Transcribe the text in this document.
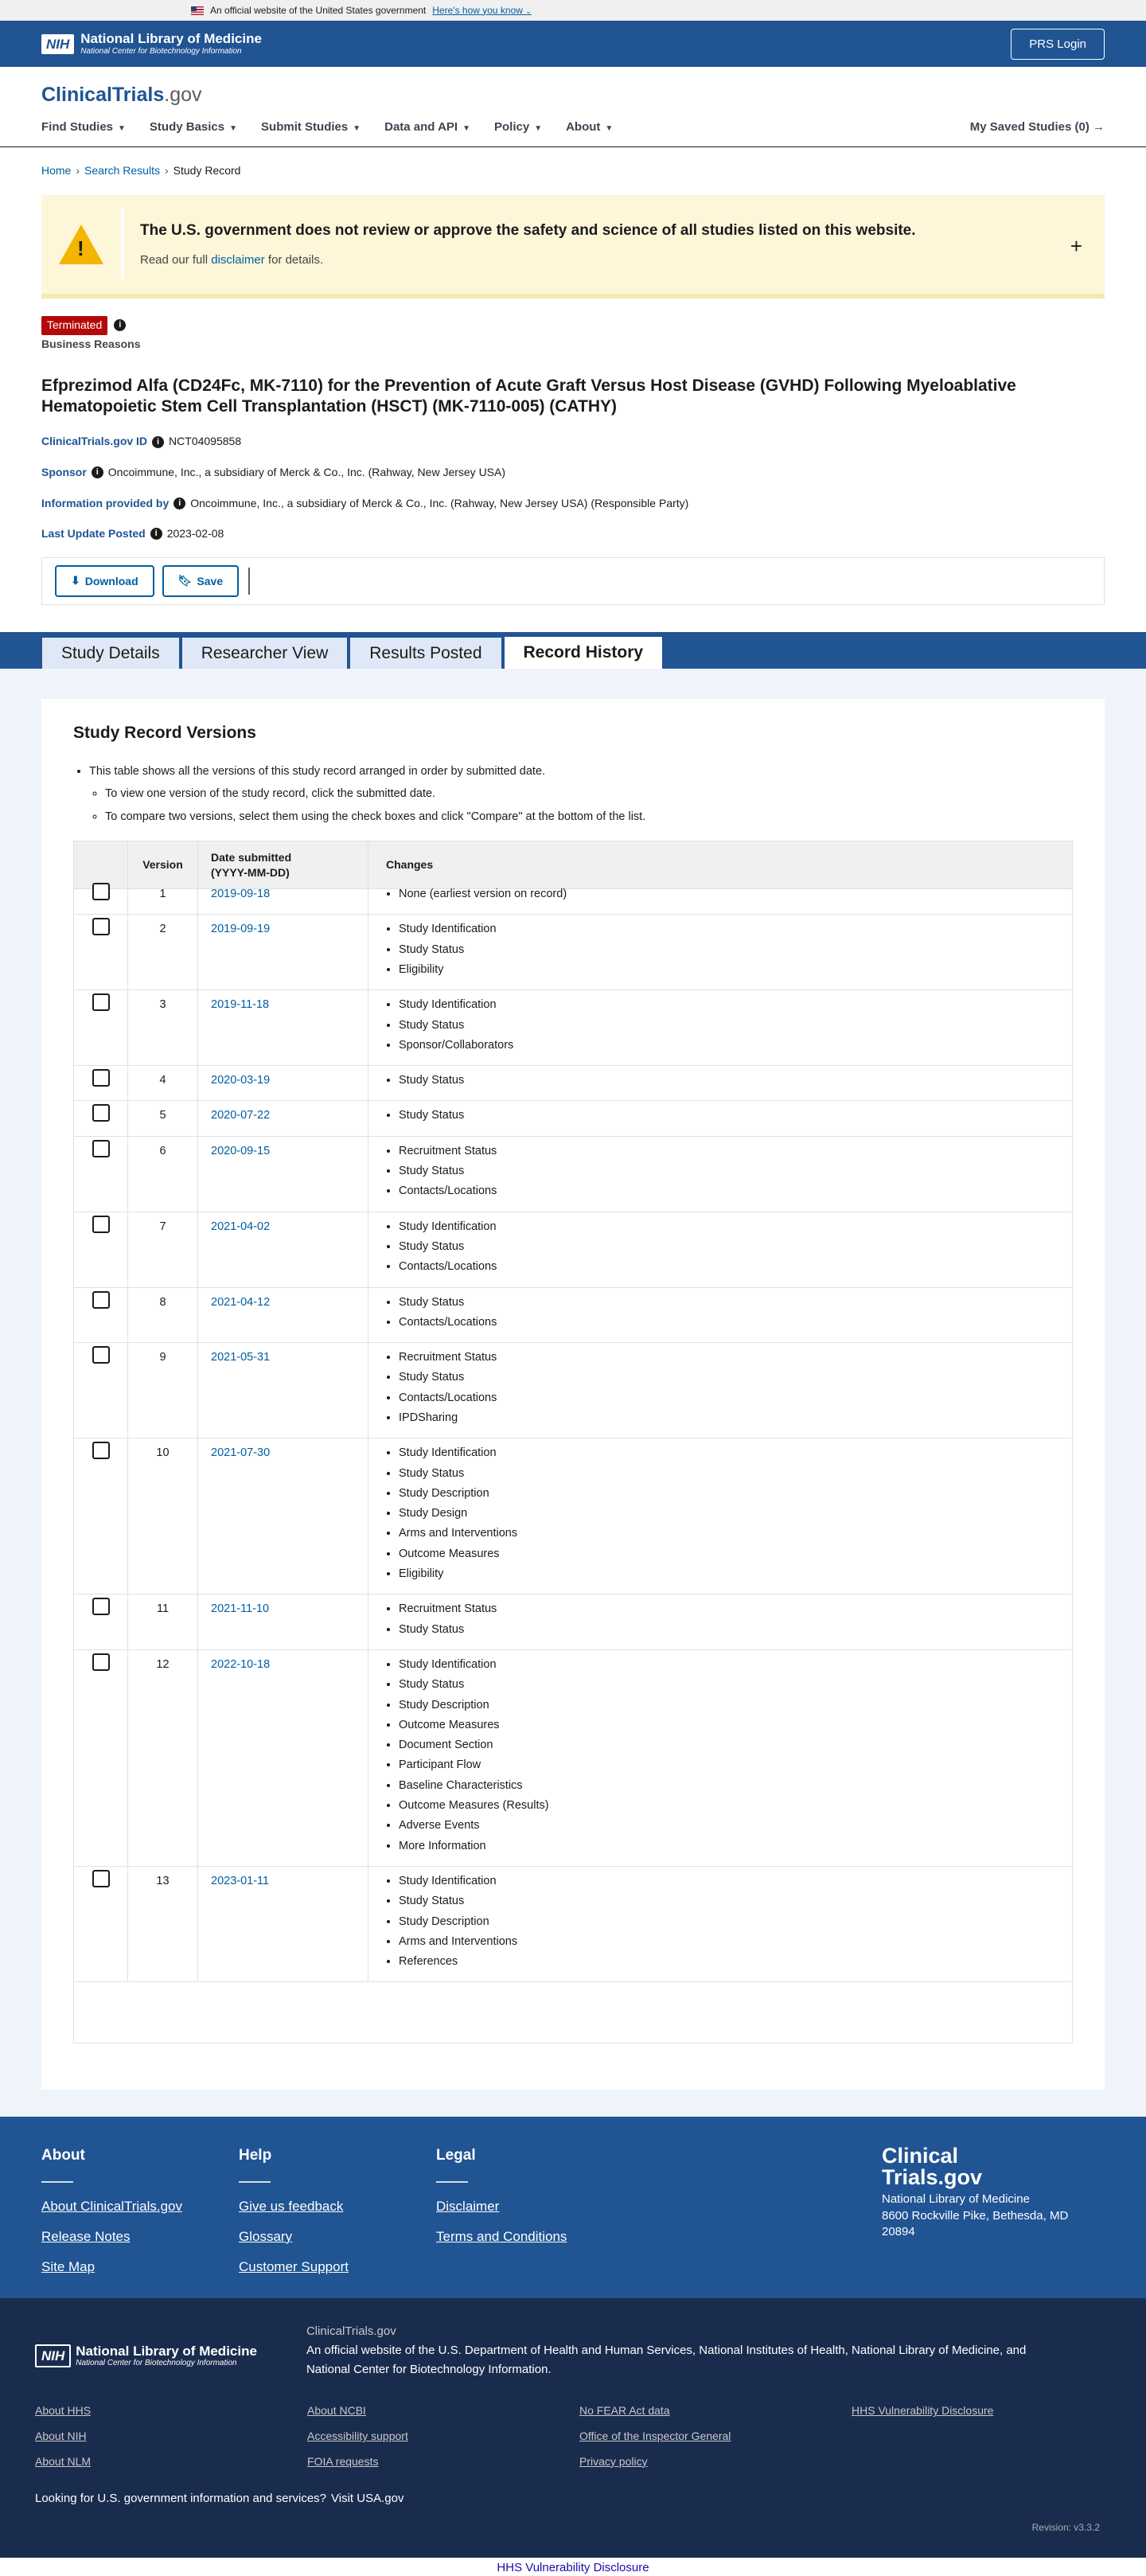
An official website of the United States government Here's how you know ⌄
NIH National Library of Medicine
National Center for Biotechnology Information
PRS Login
ClinicalTrials.gov
Find Studies ▼ Study Basics ▼ Submit Studies ▼ Data and API ▼ Policy ▼ About ▼	My Saved Studies (0) →
Home › Search Results › Study Record
!
The U.S. government does not review or approve the safety and science of all studies listed on this website.
Read our full disclaimer for details.
+
Terminated	i
Business Reasons
Efprezimod Alfa (CD24Fc, MK-7110) for the Prevention of Acute Graft Versus Host Disease (GVHD) Following Myeloablative Hematopoietic Stem Cell Transplantation (HSCT) (MK-7110-005) (CATHY)
ClinicalTrials.gov ID	i NCT04095858
Sponsor	i Oncoimmune, Inc., a subsidiary of Merck & Co., Inc. (Rahway, New Jersey USA)
Information provided by	i Oncoimmune, Inc., a subsidiary of Merck & Co., Inc. (Rahway, New Jersey USA) (Responsible Party)
Last Update Posted	i 2023-02-08
⬇ Download	🔖︎ Save
Study Details	Researcher View	Results Posted	Record History
Study Record Versions
• This table shows all the versions of this study record arranged in order by submitted date.
◦ To view one version of the study record, click the submitted date.
◦ To compare two versions, select them using the check boxes and click "Compare" at the bottom of the list.
Version
Date submitted
(YYYY-MM-DD)
Changes
1	2019-09-18	• None (earliest version on record)
2	2019-09-19	• Study Identification
• Study Status
• Eligibility
3	2019-11-18	• Study Identification
• Study Status
• Sponsor/Collaborators
4	2020-03-19	• Study Status
5	2020-07-22	• Study Status
6	2020-09-15	• Recruitment Status
• Study Status
• Contacts/Locations
7	2021-04-02	• Study Identification
• Study Status
• Contacts/Locations
8	2021-04-12	• Study Status
• Contacts/Locations
9	2021-05-31	• Recruitment Status
• Study Status
• Contacts/Locations
• IPDSharing
10	2021-07-30	• Study Identification
• Study Status
• Study Description
• Study Design
• Arms and Interventions
• Outcome Measures
• Eligibility
11	2021-11-10	• Recruitment Status
• Study Status
12	2022-10-18	• Study Identification
• Study Status
• Study Description
• Outcome Measures
• Document Section
• Participant Flow
• Baseline Characteristics
• Outcome Measures (Results)
• Adverse Events
• More Information
13	2023-01-11	• Study Identification
• Study Status
• Study Description
• Arms and Interventions
• References
About
About ClinicalTrials.gov
Release Notes
Site Map
Help
Give us feedback
Glossary
Customer Support
Legal
Disclaimer
Terms and Conditions
Clinical
Trials.gov
National Library of Medicine
8600 Rockville Pike, Bethesda, MD 20894
NIH National Library of Medicine
National Center for Biotechnology Information
ClinicalTrials.gov
An official website of the U.S. Department of Health and Human Services, National Institutes of Health, National Library of Medicine, and National Center for Biotechnology Information.
About HHS	About NCBI	No FEAR Act data	HHS Vulnerability Disclosure
About NIH	Accessibility support	Office of the Inspector General
About NLM	FOIA requests	Privacy policy
Looking for U.S. government information and services? Visit USA.gov
Revision: v3.3.2
HHS Vulnerability Disclosure
